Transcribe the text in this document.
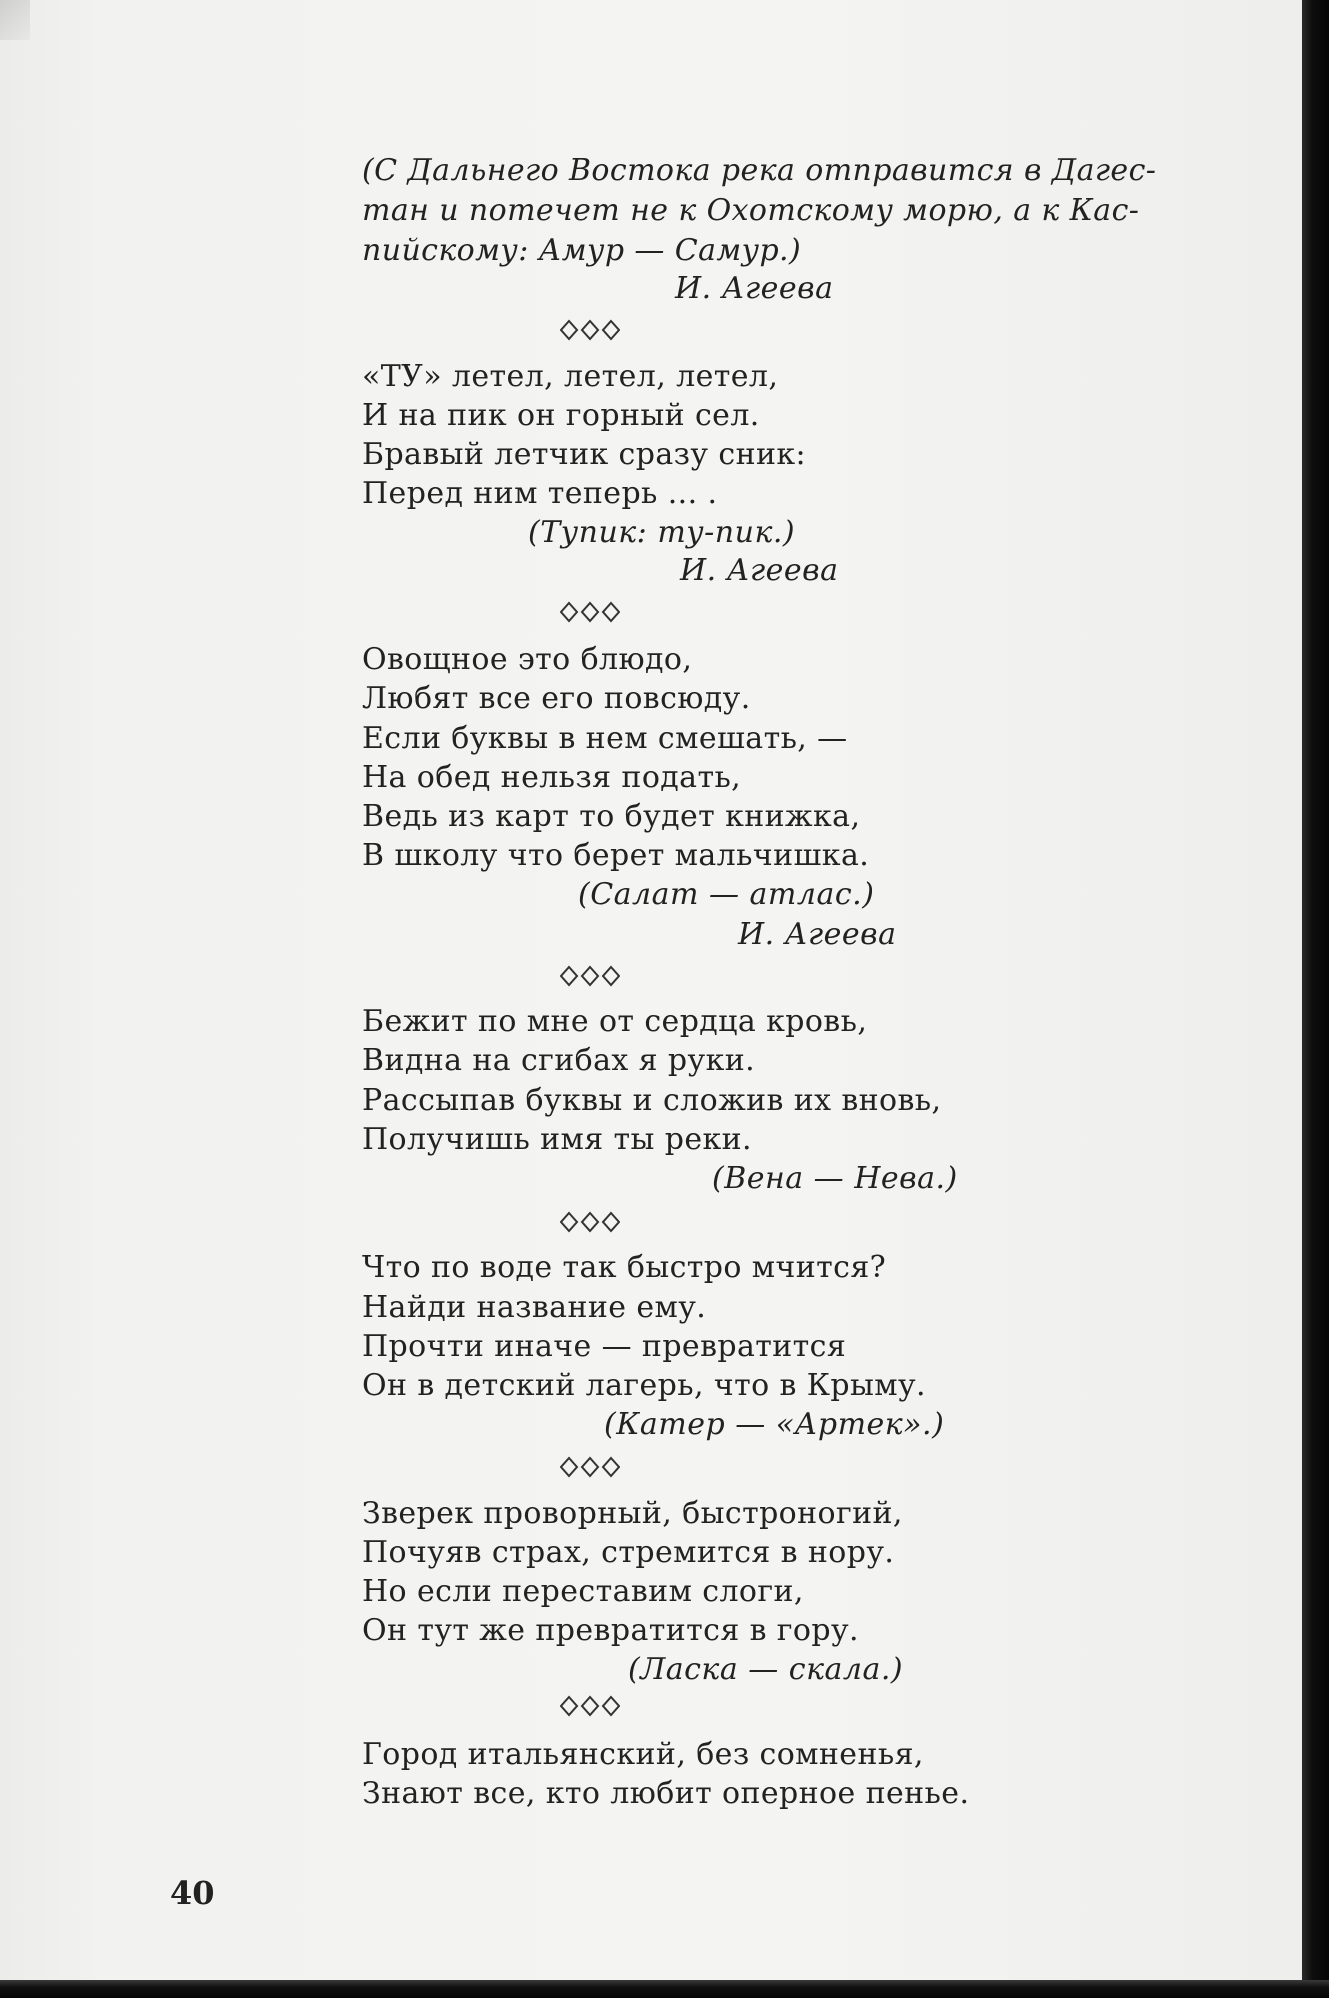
(С Дальнего Востока река отправится в Дагес-
тан и потечет не к Охотскому морю, а к Кас-
пийскому: Амур — Самур.)
И. Агеева
«ТУ» летел, летел, летел,
И на пик он горный сел.
Бравый летчик сразу сник:
Перед ним теперь ... .
(Тупик: ту-пик.)
И. Агеева
Овощное это блюдо,
Любят все его повсюду.
Если буквы в нем смешать, —
На обед нельзя подать,
Ведь из карт то будет книжка,
В школу что берет мальчишка.
(Салат — атлас.)
И. Агеева
Бежит по мне от сердца кровь,
Видна на сгибах я руки.
Рассыпав буквы и сложив их вновь,
Получишь имя ты реки.
(Вена — Нева.)
Что по воде так быстро мчится?
Найди название ему.
Прочти иначе — превратится
Он в детский лагерь, что в Крыму.
(Катер — «Артек».)
Зверек проворный, быстроногий,
Почуяв страх, стремится в нору.
Но если переставим слоги,
Он тут же превратится в гору.
(Ласка — скала.)
Город итальянский, без сомненья,
Знают все, кто любит оперное пенье.
40
